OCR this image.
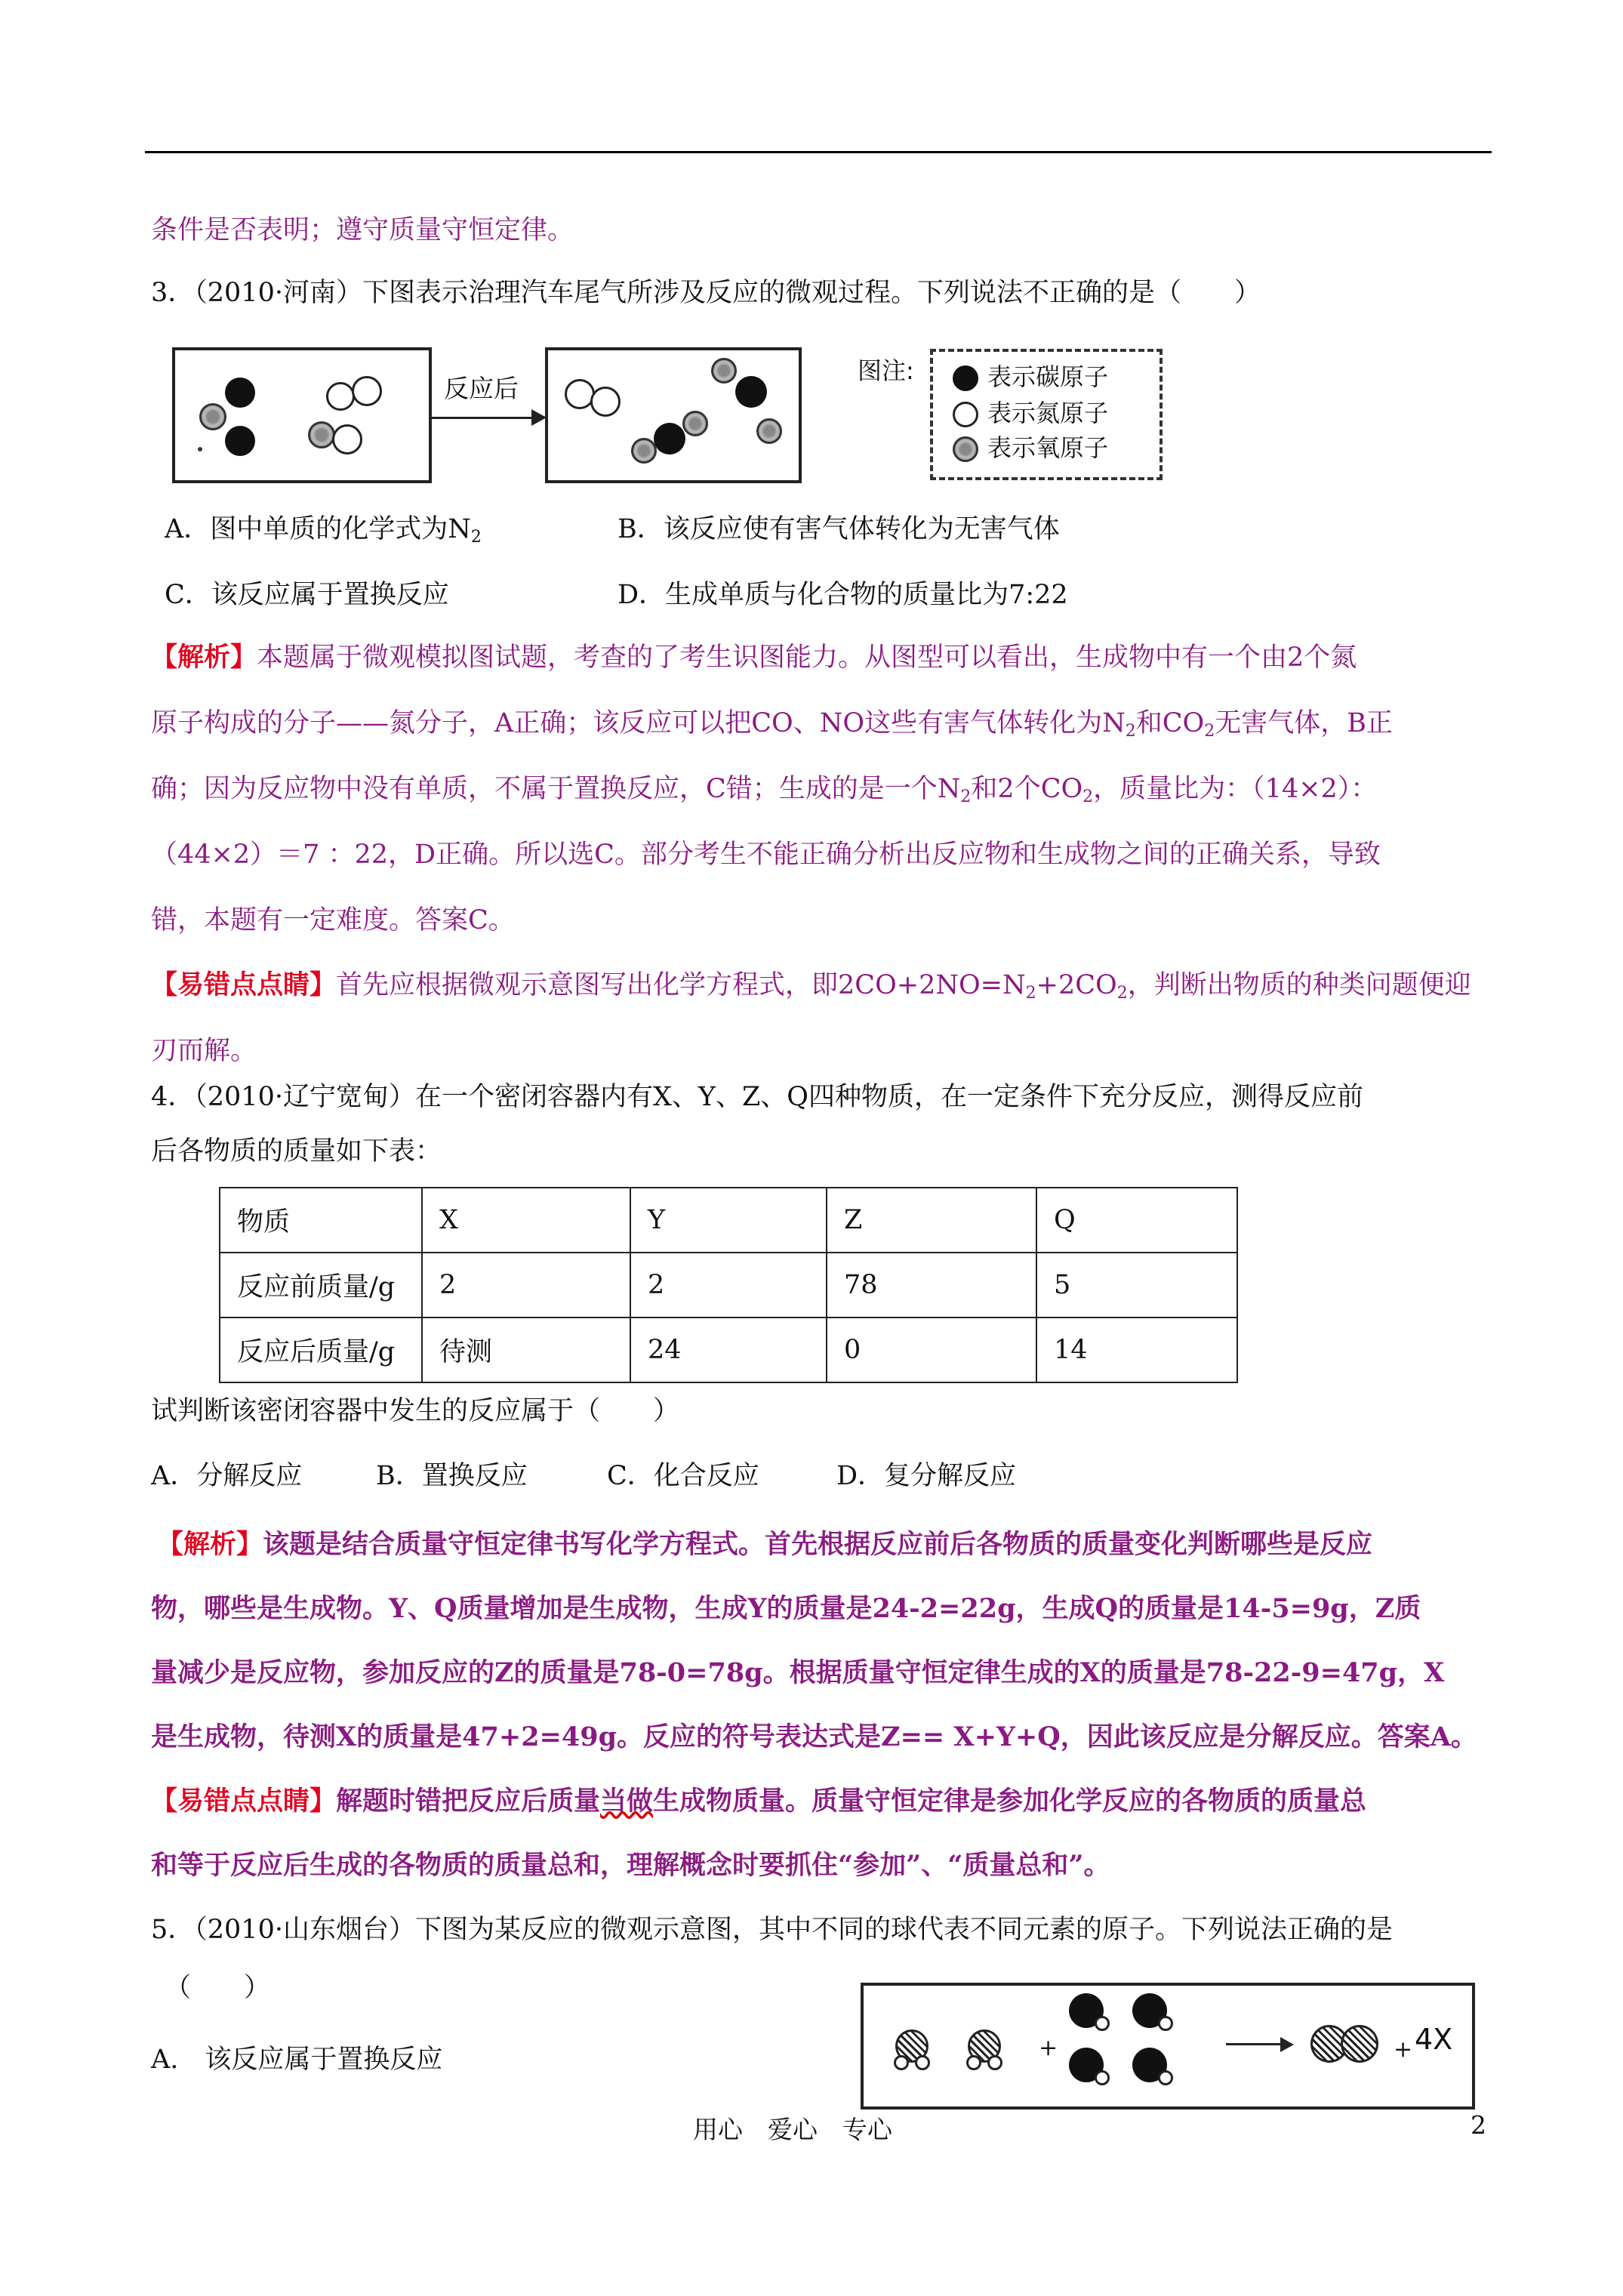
条件是否表明；遵守质量守恒定律。
3．（2010·河南）下图表示治理汽车尾气所涉及反应的微观过程。下列说法不正确的是（　　）
反应后
图注:	表示碳原子
表示氮原子
表示氧原子
A．图中单质的化学式为$N_2$	B．该反应使有害气体转化为无害气体
C．该反应属于置换反应	D．生成单质与化合物的质量比为7:22
【解析】本题属于微观模拟图试题，考查的了考生识图能力。从图型可以看出，生成物中有一个由2个氮
原子构成的分子——氮分子，A正确；该反应可以把CO、NO这些有害气体转化为$N_2$和$CO_2$无害气体，B正
确；因为反应物中没有单质，不属于置换反应，C错；生成的是一个$N_2$和2个$CO_2$，质量比为：（14×2）：
（44×2）＝7 ：22，D正确。所以选C。部分考生不能正确分析出反应物和生成物之间的正确关系，导致
错，本题有一定难度。答案C。
【易错点点睛】首先应根据微观示意图写出化学方程式，即$2CO+2NO=N_2+2CO_2$，判断出物质的种类问题便迎
刃而解。
4．（2010·辽宁宽甸）在一个密闭容器内有X、Y、Z、Q四种物质，在一定条件下充分反应，测得反应前
后各物质的质量如下表：
物质	X	Y	Z	Q
反应前质量/g	2	2	78	5
反应后质量/g	待测	24	0	14
试判断该密闭容器中发生的反应属于（　　）
A．分解反应	B．置换反应	C．化合反应	D．复分解反应
【解析】该题是结合质量守恒定律书写化学方程式。首先根据反应前后各物质的质量变化判断哪些是反应
物，哪些是生成物。Y、Q质量增加是生成物，生成Y的质量是24-2=22g，生成Q的质量是14-5=9g，Z质
量减少是反应物，参加反应的Z的质量是78-0=78g。根据质量守恒定律生成的X的质量是78-22-9=47g，X
是生成物，待测X的质量是47+2=49g。反应的符号表达式是Z== X+Y+Q，因此该反应是分解反应。答案A。
【易错点点睛】解题时错把反应后质量当做生成物质量。质量守恒定律是参加化学反应的各物质的质量总
和等于反应后生成的各物质的质量总和，理解概念时要抓住“参加”、“质量总和”。
5．（2010·山东烟台）下图为某反应的微观示意图，其中不同的球代表不同元素的原子。下列说法正确的是
（　　）
A.　该反应属于置换反应	+	+ 4X
用心　爱心　专心	2
